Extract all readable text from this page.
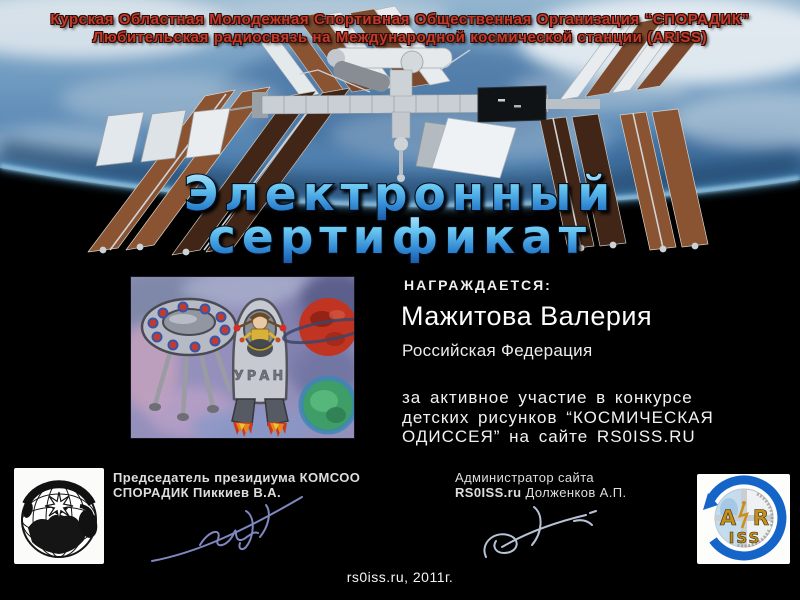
Курская Областная Молодежная Спортивная Общественная Организация “СПОРАДИК”
Любительская радиосвязь на Международной космической станции (ARISS)
Электронный
сертификат
УРАН
НАГРАЖДАЕТСЯ:
Мажитова Валерия
Российская Федерация
за активное участие в конкурсе
детских рисунков “КОСМИЧЕСКАЯ
ОДИССЕЯ” на сайте RS0ISS.RU
Председатель президиума КОМСОО
СПОРАДИК Пиккиев В.А.
Администратор сайта
RS0ISS.ru Долженков А.П.
A R
ISS
rs0iss.ru, 2011г.
